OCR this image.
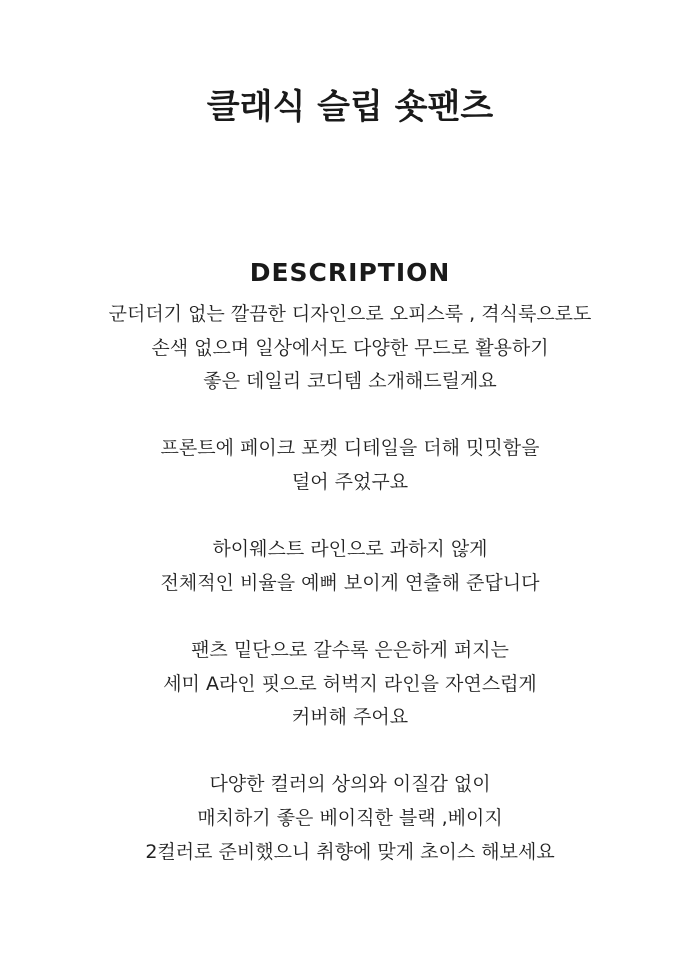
클래식 슬립 숏팬츠
DESCRIPTION

군더더기 없는 깔끔한 디자인으로 오피스룩 , 격식룩으로도
손색 없으며 일상에서도 다양한 무드로 활용하기
좋은 데일리 코디템 소개해드릴게요

프론트에 페이크 포켓 디테일을 더해 밋밋함을
덜어 주었구요

하이웨스트 라인으로 과하지 않게
전체적인 비율을 예뻐 보이게 연출해 준답니다

팬츠 밑단으로 갈수록 은은하게 퍼지는
세미 A라인 핏으로 허벅지 라인을 자연스럽게
커버해 주어요

다양한 컬러의 상의와 이질감 없이
매치하기 좋은 베이직한 블랙 ,베이지
2컬러로 준비했으니 취향에 맞게 초이스 해보세요
